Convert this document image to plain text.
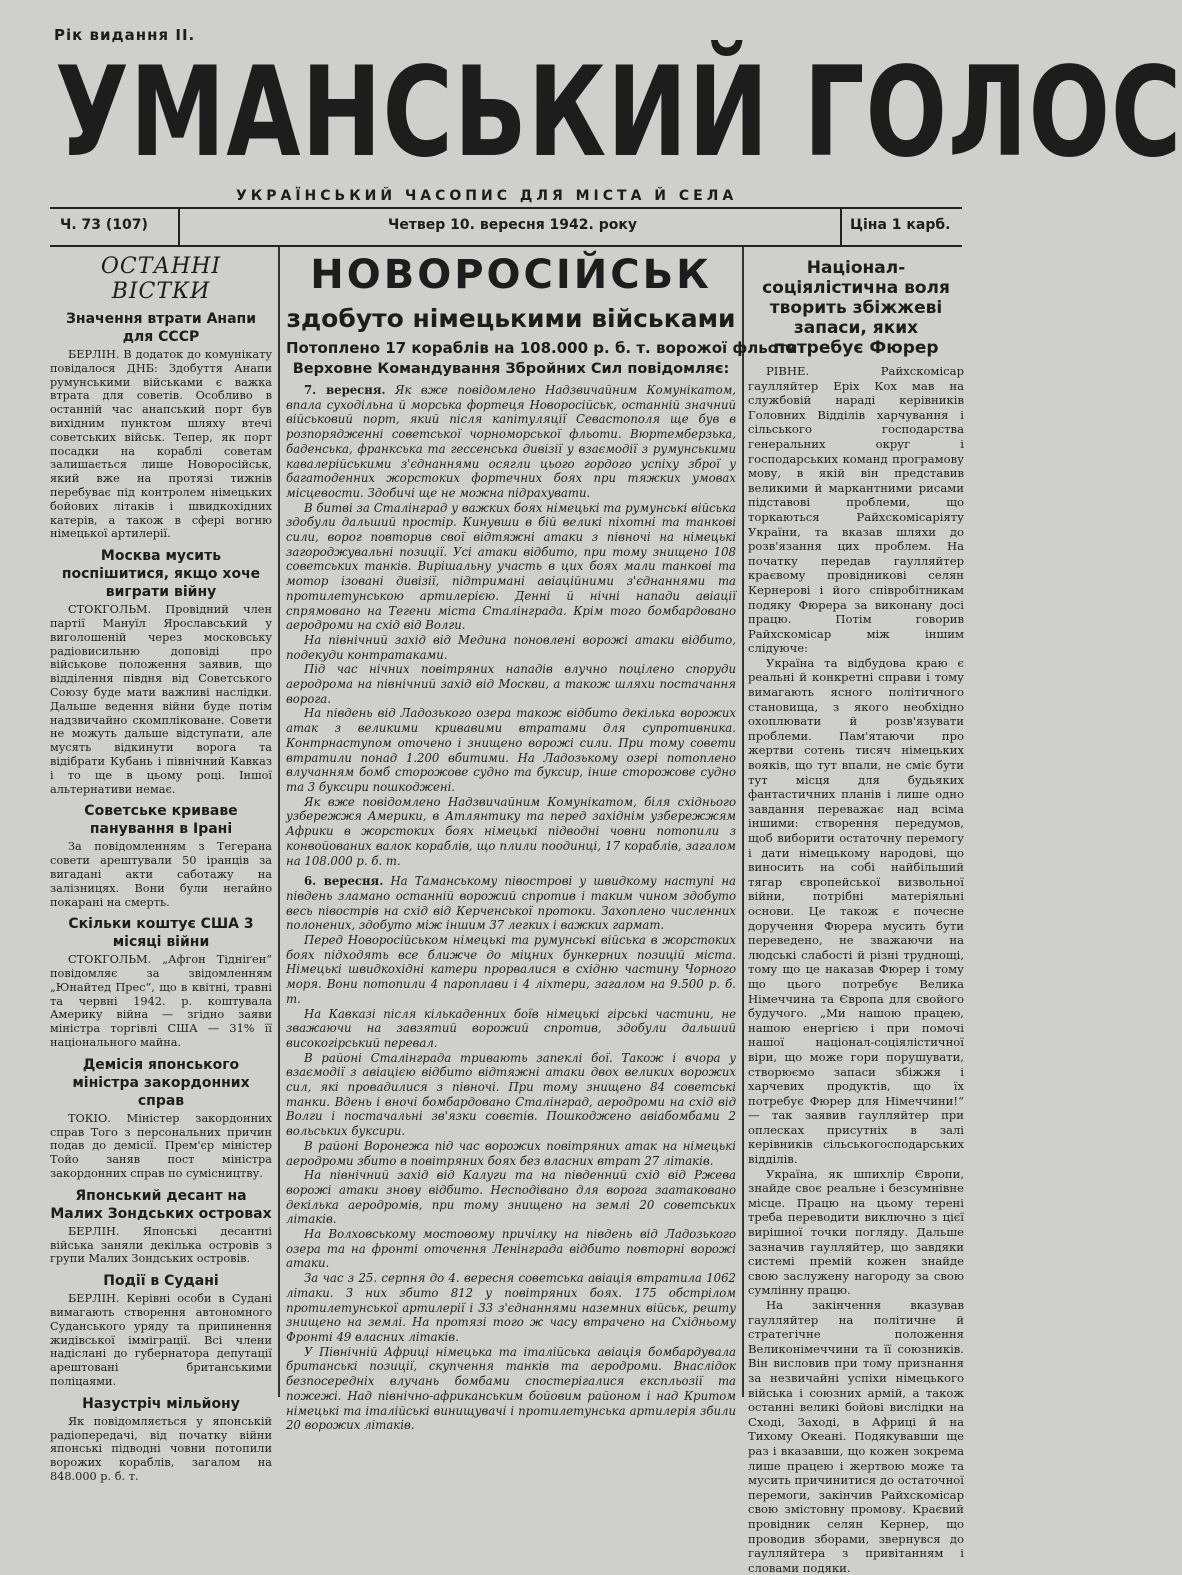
Рік видання II.
УМАНСЬКИЙ ГОЛОС
УКРАЇНСЬКИЙ ЧАСОПИС ДЛЯ МІСТА Й СЕЛА
Ч. 73 (107)	Четвер 10. вересня 1942. року	Ціна 1 карб.
ОСТАННІ ВІСТКИ
Значення втрати Анапи для СССР

БЕРЛІН. В додаток до комунікату повідалося ДНБ: Здобуття Анапи румунськими військами є важка втрата для советів. Особливо в останній час анапський порт був вихідним пунктом шляху втечі советських військ. Тепер, як порт посадки на кораблі советам залишається лише Новоросійськ, який вже на протязі тижнів перебуває під контролем німецьких бойових літаків і швидкохідних катерів, а також в сфері вогню німецької артилерії.

Москва мусить поспішитися, якщо хоче виграти війну

СТОКГОЛЬМ. Провідний член партії Мануїл Ярославський у виголошеній через московську радіовисильню доповіді про військове положення заявив, що відділення півдня від Советського Союзу буде мати важливі наслідки. Дальше ведення війни буде потім надзвичайно скомпліковане. Совети не можуть дальше відступати, але мусять відкинути ворога та відібрати Кубань і північний Кавказ і то ще в цьому році. Іншої альтернативи немає.

Советське криваве панування в Ірані

За повідомленням з Тегерана совети арештували 50 іранців за вигадані акти саботажу на залізницях. Вони були негайно покарані на смерть.

Скільки коштує США 3 місяці війни

СТОКГОЛЬМ. „Афгон Тідніґен“ повідомляє за звідомленням „Юнайтед Прес“, що в квітні, травні та червні 1942. р. коштувала Америку війна — згідно заяви міністра торгівлі США — 31% її національного майна.

Демісія японського міністра закордонних справ

ТОКІО. Міністер закордонних справ Того з персональних причин подав до демісії. Прем'єр міністер Тойо заняв пост міністра закордонних справ по сумісництву.

Японський десант на Малих Зондських островах

БЕРЛІН. Японські десантні війська заняли декілька островів з групи Малих Зондських островів.

Події в Судані

БЕРЛІН. Керівні особи в Судані вимагають створення автономного Суданського уряду та припинення жидівської імміграції. Всі члени надіслані до губернатора депутації арештовані британськими поліцаями.

Назустріч мільйону

Як повідомляється у японській радіопередачі, від початку війни японські підводні човни потопили ворожих кораблів, загалом на 848.000 р. б. т.

НОВОРОСІЙСЬК
здобуто німецькими військами
Потоплено 17 кораблів на 108.000 р. б. т. ворожої фльоти
Верховне Командування Збройних Сил повідомляє:

7. вересня. Як вже повідомлено Надзвичайним Комунікатом, впала суходільна й морська фортеця Новоросійськ, останній значний військовий порт, який після капітуляції Севастополя ще був в розпорядженні советської чорноморської фльоти. Вюртемберзька, баденська, франкська та гессенська дивізії у взаємодії з румунськими кавалерійськими з'єднаннями осягли цього гордого успіху зброї у багатоденних жорстоких фортечних боях при тяжких умовах місцевости. Здобичі ще не можна підрахувати.

В битві за Сталінград у важких боях німецькі та румунські війська здобули дальший простір. Кинувши в бій великі піхотні та танкові сили, ворог повторив свої відтяжні атаки з півночі на німецькі загороджувальні позиції. Усі атаки відбито, при тому знищено 108 советських танків. Вирішальну участь в цих боях мали танкові та мотор ізовані дивізії, підтримані авіаційними з'єднаннями та протилетунською артилерією. Денні й нічні напади авіації спрямовано на Тегени міста Сталінграда. Крім того бомбардовано аеродроми на схід від Волги.

На північний захід від Медина поновлені ворожі атаки відбито, подекуди контратаками.

Під час нічних повітряних нападів влучно поцілено споруди аеродрома на північний захід від Москви, а також шляхи постачання ворога.

На південь від Ладозького озера також відбито декілька ворожих атак з великими кривавими втратами для супротивника. Контрнаступом оточено і знищено ворожі сили. При тому совети втратили понад 1.200 вбитими. На Ладозькому озері потоплено влучанням бомб сторожове судно та буксир, інше сторожове судно та 3 буксири пошкоджені.

Як вже повідомлено Надзвичайним Комунікатом, біля східнього узбережжя Америки, в Атлянтику та перед західнім узбережжям Африки в жорстоких боях німецькі підводні човни потопили з конвойованих валок кораблів, що плили поодинці, 17 кораблів, загалом на 108.000 р. б. т.

6. вересня. На Таманському півострові у швидкому наступі на південь зламано останній ворожий спротив і таким чином здобуто весь півострів на схід від Керченської протоки. Захоплено численних полонених, здобуто між іншим 37 легких і важких гармат.

Перед Новоросійськом німецькі та румунські війська в жорстоких боях підходять все ближче до міцних бункерних позицій міста. Німецькі швидкохідні катери прорвалися в східню частину Чорного моря. Вони потопили 4 пароплави і 4 ліхтери, загалом на 9.500 р. б. т.

На Кавказі після кількаденних боїв німецькі гірські частини, не зважаючи на завзятий ворожий спротив, здобули дальший високогірський перевал.

В районі Сталінграда тривають запеклі бої. Також і вчора у взаємодії з авіацією відбито відтяжні атаки двох великих ворожих сил, які провадилися з півночі. При тому знищено 84 советські танки. Вдень і вночі бомбардовано Сталінград, аеродроми на схід від Волги і постачальні зв'язки совєтів. Пошкоджено авіабомбами 2 вольських буксири.

В районі Воронежа під час ворожих повітряних атак на німецькі аеродроми збито в повітряних боях без власних втрат 27 літаків.

На північний захід від Калуги та на південний схід від Ржева ворожі атаки знову відбито. Несподівано для ворога заатаковано декілька аеродромів, при тому знищено на землі 20 советських літаків.

На Волховському мостовому причілку на південь від Ладозького озера та на фронті оточення Ленінграда відбито повторні ворожі атаки.

За час з 25. серпня до 4. вересня советська авіація втратила 1062 літаки. З них збито 812 у повітряних боях. 175 обстрілом протилетунської артилерії і 33 з'єднаннями наземних військ, решту знищено на землі. На протязі того ж часу втрачено на Східньому Фронті 49 власних літаків.

У Північній Африці німецька та італійська авіація бомбардувала британські позиції, скупчення танків та аеродроми. Внаслідок безпосередніх влучань бомбами спостерігалися експльозії та пожежі. Над північно-африканським бойовим районом і над Критом німецькі та італійські винищувачі і протилетунська артилерія збили 20 ворожих літаків.

Націонал-соціялістична воля творить збіжжеві запаси, яких потребує Фюрер

РІВНЕ. Райхскомісар гаулляйтер Еріх Кох мав на службовій нараді керівників Головних Відділів харчування і сільського господарства генеральних округ і господарських команд програмову мову, в якій він представив великими й маркантними рисами підставові проблеми, що торкаються Райхскомісаріяту України, та вказав шляхи до розв'язання цих проблем. На початку передав гаулляйтер краєвому провідникові селян Кернерові і його співробітникам подяку Фюрера за виконану досі працю. Потім говорив Райхскомісар між іншим слідуюче:

Україна та відбудова краю є реальні й конкретні справи і тому вимагають ясного політичного становища, з якого необхідно охоплювати й розв'язувати проблеми. Пам'ятаючи про жертви сотень тисяч німецьких вояків, що тут впали, не сміє бути тут місця для будьяких фантастичних планів і лише одно завдання переважає над всіма іншими: створення передумов, щоб виборити остаточну перемогу і дати німецькому народові, що виносить на собі найбільший тягар європейської визвольної війни, потрібні матеріяльні основи. Це також є почесне доручення Фюрера мусить бути переведено, не зважаючи на людські слабості й різні труднощі, тому що це наказав Фюрер і тому що цього потребує Велика Німеччина та Європа для свойого будучого. „Ми нашою працею, нашою енергією і при помочі нашої націонал-соціялістичної віри, що може гори порушувати, створюємо запаси збіжжя і харчевих продуктів, що їх потребує Фюрер для Німеччини!“ — так заявив гаулляйтер при оплесках присутніх в залі керівників сільськогосподарських відділів.

Україна, як шпихлір Європи, знайде своє реальне і безсумнівне місце. Працю на цьому терені треба переводити виключно з цієї вирішної точки погляду. Дальше зазначив гаулляйтер, що завдяки системі премій кожен знайде свою заслужену нагороду за свою сумлінну працю.

На закінчення вказував гаулляйтер на політичне й стратегічне положення Великонімеччини та її союзників. Він висловив при тому признання за незвичайні успіхи німецького війська і союзних армій, а також останні великі бойові вислідки на Сході, Заході, в Африці й на Тихому Океані. Подякувавши ще раз і вказавши, що кожен зокрема лише працею і жертвою може та мусить причинитися до остаточної перемоги, закінчив Райхскомісар свою змістовну промову. Краєвий провідник селян Кернер, що проводив зборами, звернувся до гаулляйтера з привітанням і словами подяки.
